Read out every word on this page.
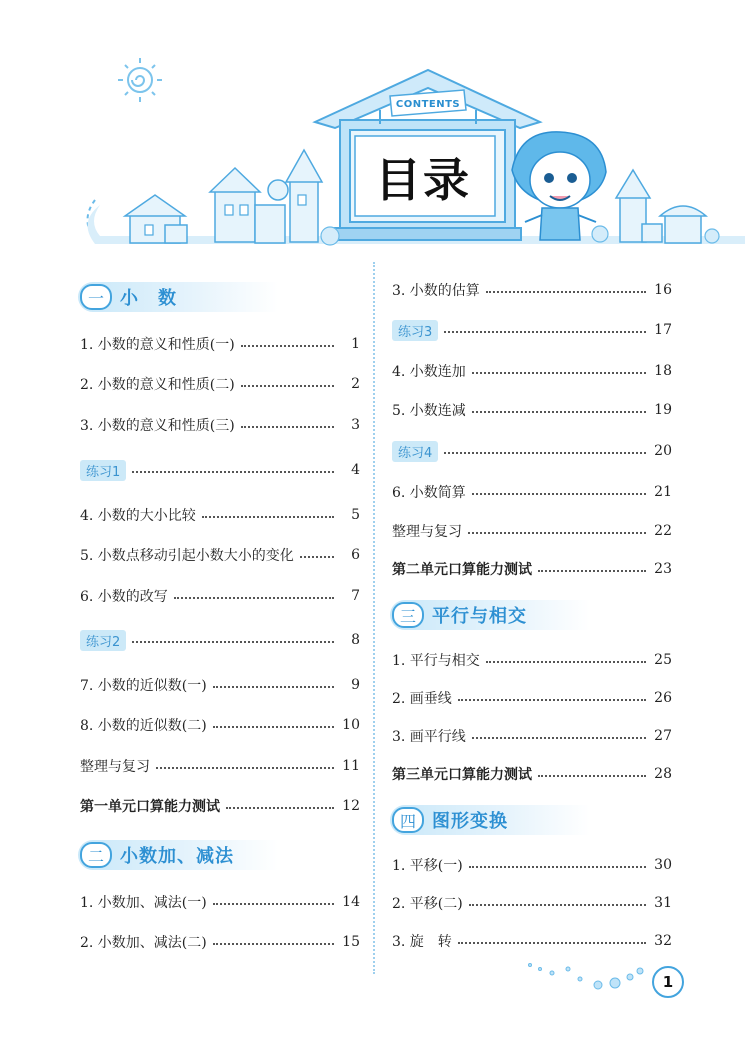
CONTENTS
目录
一 小　数
1. 小数的意义和性质(一)	1
2. 小数的意义和性质(二)	2
3. 小数的意义和性质(三)	3
练习1	4
4. 小数的大小比较	5
5. 小数点移动引起小数大小的变化	6
6. 小数的改写	7
练习2	8
7. 小数的近似数(一)	9
8. 小数的近似数(二)	10
整理与复习	11
第一单元口算能力测试	12
二 小数加、减法
1. 小数加、减法(一)	14
2. 小数加、减法(二)	15
3. 小数的估算	16
练习3	17
4. 小数连加	18
5. 小数连减	19
练习4	20
6. 小数简算	21
整理与复习	22
第二单元口算能力测试	23
三 平行与相交
1. 平行与相交	25
2. 画垂线	26
3. 画平行线	27
第三单元口算能力测试	28
四 图形变换
1. 平移(一)	30
2. 平移(二)	31
3. 旋　转	32
1
